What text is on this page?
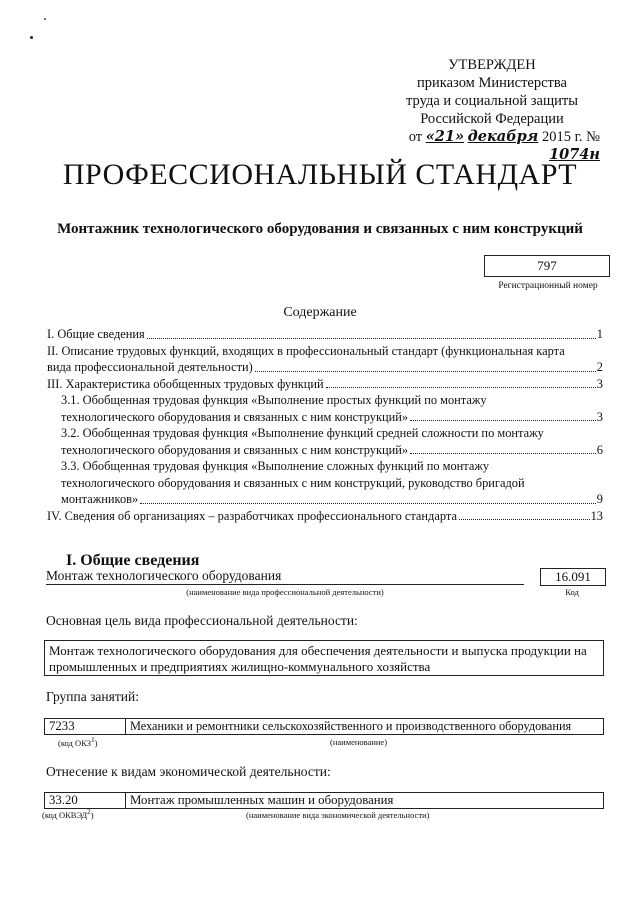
УТВЕРЖДЕН
приказом Министерства
труда и социальной защиты
Российской Федерации
от «21» декабря 2015 г. № 1074н
ПРОФЕССИОНАЛЬНЫЙ СТАНДАРТ
Монтажник технологического оборудования и связанных с ним конструкций
797
Регистрационный номер
Содержание
I. Общие сведения	1
II. Описание трудовых функций, входящих в профессиональный стандарт (функциональная карта
вида профессиональной деятельности)	2
III. Характеристика обобщенных трудовых функций	3
3.1. Обобщенная трудовая функция «Выполнение простых функций по монтажу
технологического оборудования и связанных с ним конструкций»	3
3.2. Обобщенная трудовая функция «Выполнение функций средней сложности по монтажу
технологического оборудования и связанных с ним конструкций»	6
3.3. Обобщенная трудовая функция «Выполнение сложных функций по монтажу
технологического оборудования и связанных с ним конструкций, руководство бригадой
монтажников»	9
IV. Сведения об организациях – разработчиках профессионального стандарта	13
I. Общие сведения
Монтаж технологического оборудования	16.091
(наименование вида профессиональной деятельности)	Код
Основная цель вида профессиональной деятельности:
Монтаж технологического оборудования для обеспечения деятельности и выпуска продукции на промышленных и предприятиях жилищно-коммунального хозяйства
Группа занятий:
7233	Механики и ремонтники сельскохозяйственного и производственного оборудования
(код ОКЗ$^1$)	(наименование)
Отнесение к видам экономической деятельности:
33.20	Монтаж промышленных машин и оборудования
(код ОКВЭД$^2$)	(наименование вида экономической деятельности)
